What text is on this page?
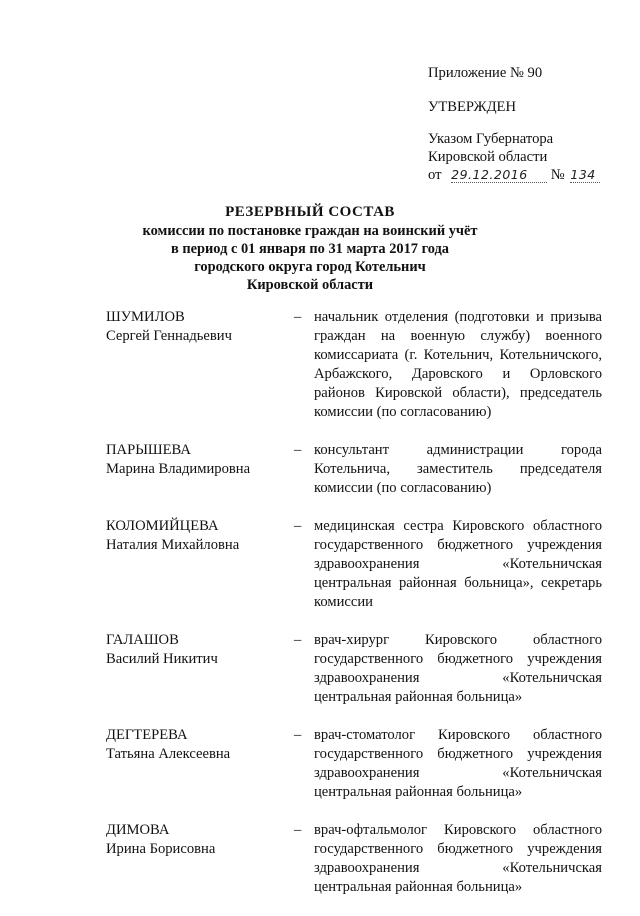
Приложение № 90
УТВЕРЖДЕН
Указом Губернатора
Кировской области
от 29.12.2016 № 134
РЕЗЕРВНЫЙ СОСТАВ
комиссии по постановке граждан на воинский учёт
в период с 01 января по 31 марта 2017 года
городского округа город Котельнич
Кировской области
ШУМИЛОВ
Сергей Геннадьевич
– начальник отделения (подготовки и призыва граждан на военную службу) военного комиссариата (г. Котельнич, Котельничского, Арбажского, Даровского и Орловского районов Кировской области), председатель комиссии (по согласованию)
ПАРЫШЕВА
Марина Владимировна
– консультант администрации города Котельнича, заместитель председателя комиссии (по согласованию)
КОЛОМИЙЦЕВА
Наталия Михайловна
– медицинская сестра Кировского областного государственного бюджетного учреждения здравоохранения «Котельничская центральная районная больница», секретарь комиссии
ГАЛАШОВ
Василий Никитич
– врач-хирург Кировского областного государственного бюджетного учреждения здравоохранения «Котельничская центральная районная больница»
ДЕГТЕРЕВА
Татьяна Алексеевна
– врач-стоматолог Кировского областного государственного бюджетного учреждения здравоохранения «Котельничская центральная районная больница»
ДИМОВА
Ирина Борисовна
– врач-офтальмолог Кировского областного государственного бюджетного учреждения здравоохранения «Котельничская центральная районная больница»
